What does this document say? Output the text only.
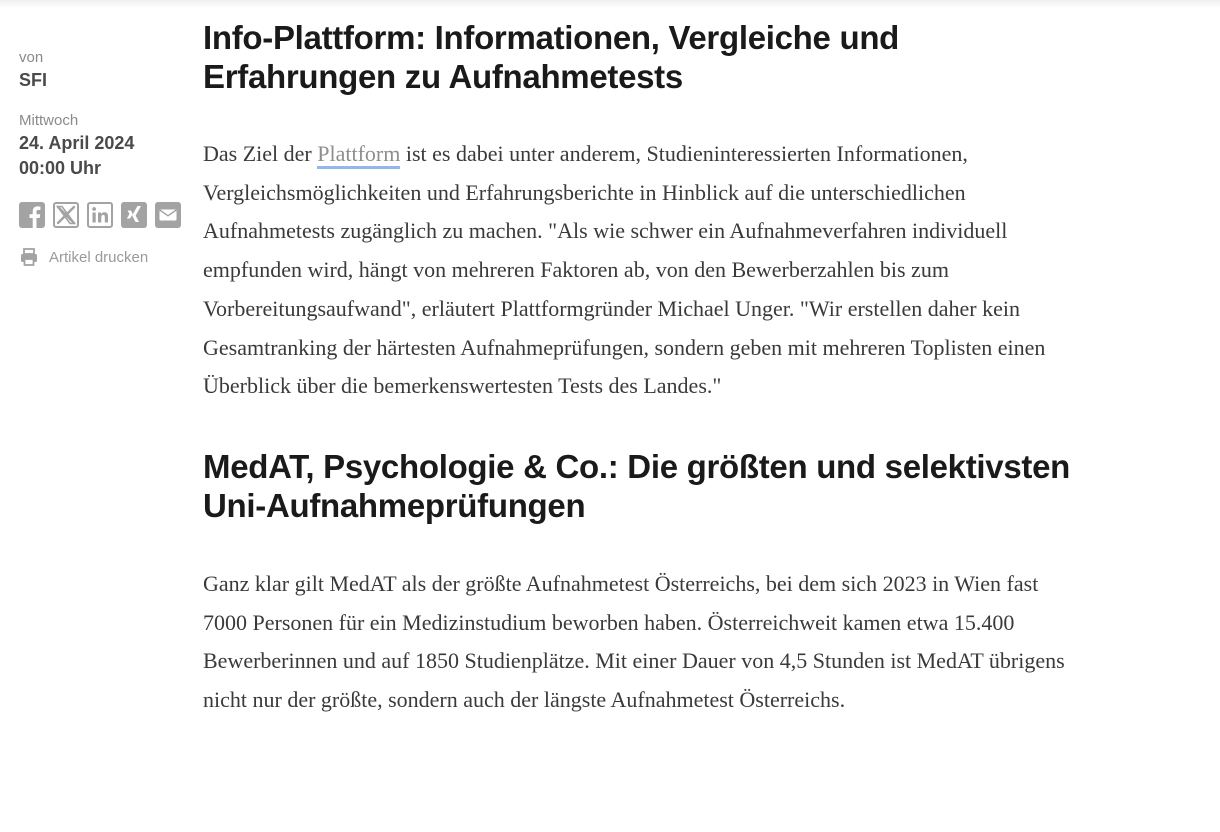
von
SFI
Mittwoch
24. April 2024
00:00 Uhr
Artikel drucken
Info-Plattform: Informationen, Vergleiche und Erfahrungen zu Aufnahmetests

Das Ziel der Plattform ist es dabei unter anderem, Studieninteressierten Informationen, Vergleichsmöglichkeiten und Erfahrungsberichte in Hinblick auf die unterschiedlichen Aufnahmetests zugänglich zu machen. "Als wie schwer ein Aufnahmeverfahren individuell empfunden wird, hängt von mehreren Faktoren ab, von den Bewerberzahlen bis zum Vorbereitungsaufwand", erläutert Plattformgründer Michael Unger. "Wir erstellen daher kein Gesamtranking der härtesten Aufnahmeprüfungen, sondern geben mit mehreren Toplisten einen Überblick über die bemerkenswertesten Tests des Landes."

MedAT, Psychologie & Co.: Die größten und selektivsten Uni-Aufnahmeprüfungen

Ganz klar gilt MedAT als der größte Aufnahmetest Österreichs, bei dem sich 2023 in Wien fast 7000 Personen für ein Medizinstudium beworben haben. Österreichweit kamen etwa 15.400 Bewerberinnen und auf 1850 Studienplätze. Mit einer Dauer von 4,5 Stunden ist MedAT übrigens nicht nur der größte, sondern auch der längste Aufnahmetest Österreichs.
